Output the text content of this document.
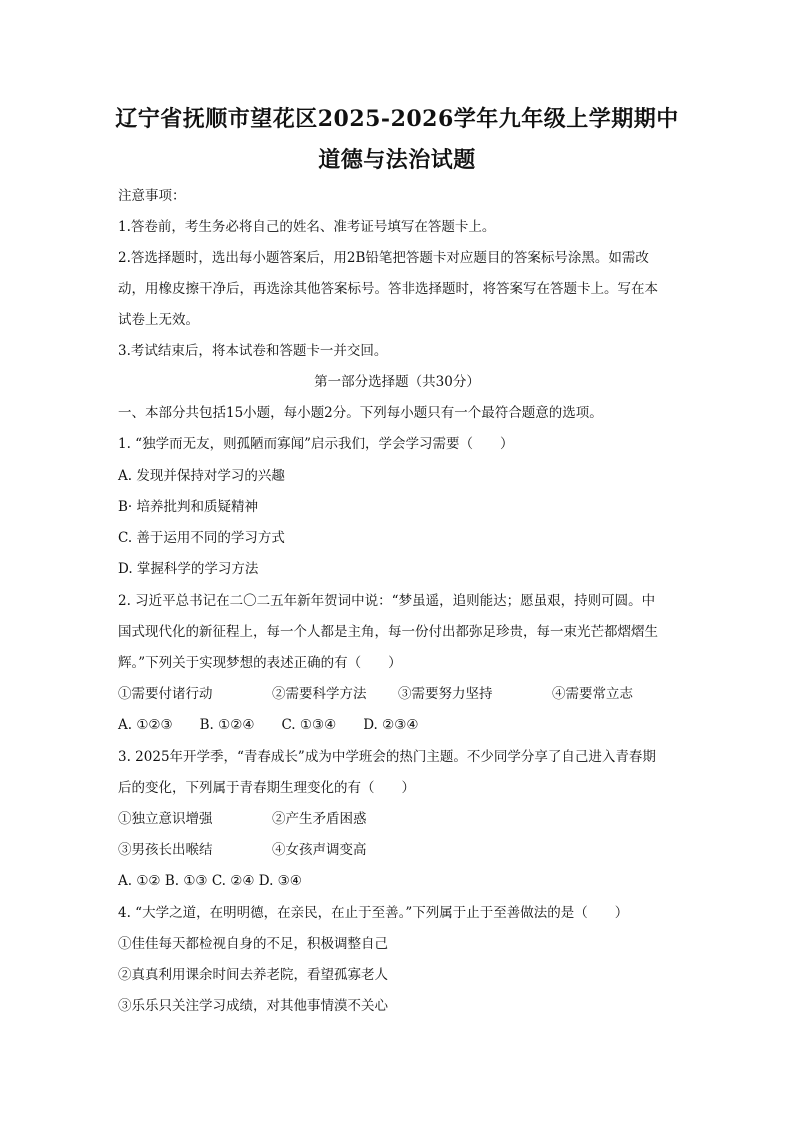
辽宁省抚顺市望花区2025-2026学年九年级上学期期中
道德与法治试题
注意事项：
1.答卷前，考生务必将自己的姓名、准考证号填写在答题卡上。
2.答选择题时，选出每小题答案后，用2B铅笔把答题卡对应题目的答案标号涂黑。如需改
动，用橡皮擦干净后，再选涂其他答案标号。答非选择题时，将答案写在答题卡上。写在本
试卷上无效。
3.考试结束后，将本试卷和答题卡一并交回。
第一部分选择题（共30分）
一、本部分共包括15小题，每小题2分。下列每小题只有一个最符合题意的选项。
1. “独学而无友，则孤陋而寡闻”启示我们，学会学习需要（　　）
A. 发现并保持对学习的兴趣
B· 培养批判和质疑精神
C. 善于运用不同的学习方式
D. 掌握科学的学习方法
2. 习近平总书记在二〇二五年新年贺词中说：“梦虽遥，追则能达；愿虽艰，持则可圆。中
国式现代化的新征程上，每一个人都是主角，每一份付出都弥足珍贵，每一束光芒都熠熠生
辉。”下列关于实现梦想的表述正确的有（　　）
①需要付诸行动	②需要科学方法 ③需要努力坚持	④需要常立志
A. ①②③　　B. ①②④　　C. ①③④　　D. ②③④
3. 2025年开学季，“青春成长”成为中学班会的热门主题。不少同学分享了自己进入青春期
后的变化，下列属于青春期生理变化的有（　　）
①独立意识增强	②产生矛盾困惑
③男孩长出喉结	④女孩声调变高
A. ①② B. ①③ C. ②④ D. ③④
4. “大学之道，在明明德，在亲民，在止于至善。”下列属于止于至善做法的是（　　）
①佳佳每天都检视自身的不足，积极调整自己
②真真利用课余时间去养老院，看望孤寡老人
③乐乐只关注学习成绩，对其他事情漠不关心
